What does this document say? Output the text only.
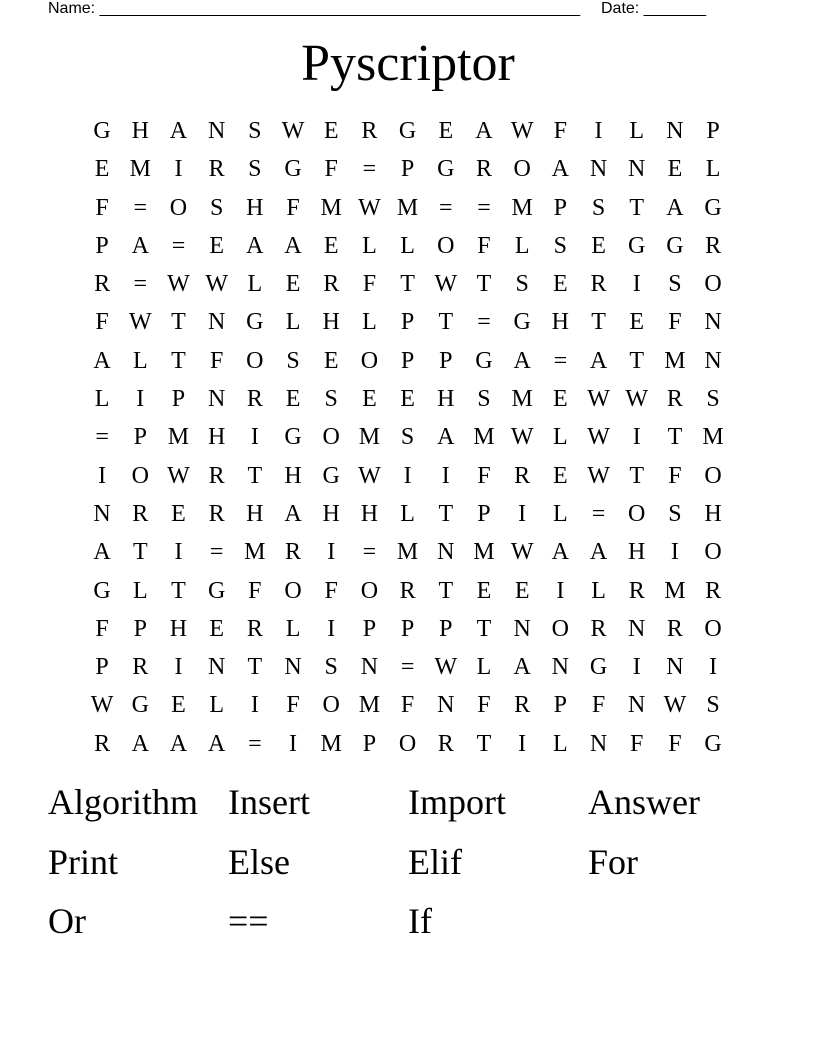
Name: ______________________________________________________ Date: _______
Pyscriptor
G H A N S W E R G E A W F	I	L N P
E M I	R S G F	=	P G R O A N N E L
F	= O S H F M W M =	= M P	S	T A G
P A =	E A A E L L O F	L	S	E G G R
R = W W L E R F	T W T	S	E R	I	S O
F W T N G L H L	P	T	= G H T E	F N
A L T	F O S	E O P	P G A = A T M N
L	I	P N R E	S	E E H S M E W W R S
=	P M H	I	G O M S A M W L W I	T M
I	O W R T H G W I	I	F R E W T	F O
N R E R H A H H L T	P	I	L	= O S H
A T	I	= M R	I	= M N M W A A H	I	O
G L T G F O F O R T E E	I	L R M R
F	P H E R L	I	P	P	P	T N O R N R O
P R	I	N T N S N = W L A N G	I	N	I
W G E L	I	F O M F N F R P	F N W S
R A A A =	I M P O R T	I	L N F	F G
Algorithm Insert	Import	Answer
Print	Else	Elif	For
Or	==	If
